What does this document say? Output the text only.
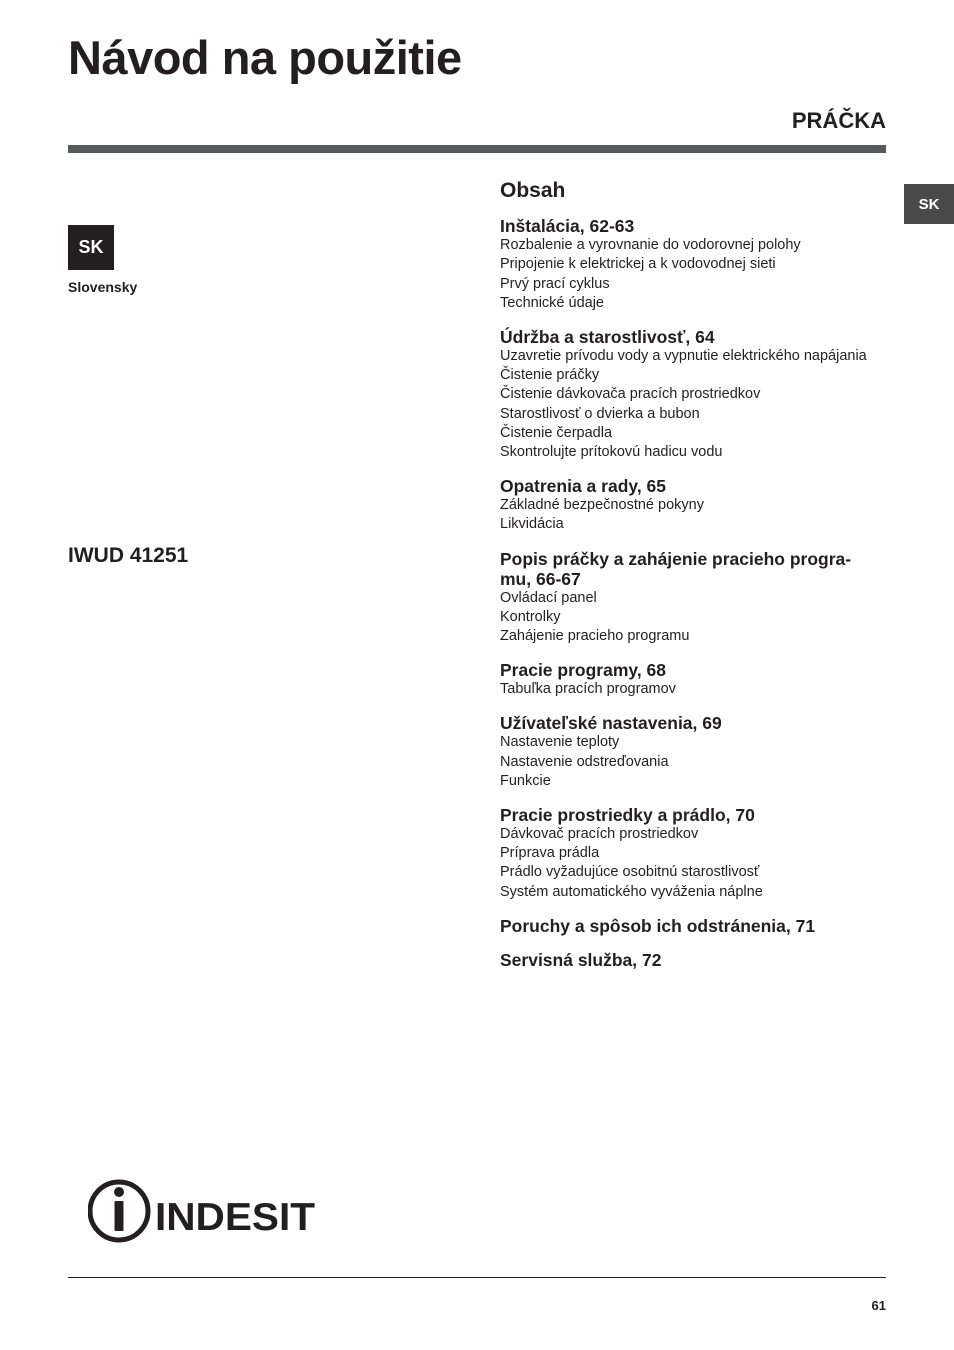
Návod na použitie
PRÁČKA
SK
Slovensky
SK
IWUD 41251
Obsah
Inštalácia, 62-63
Rozbalenie a vyrovnanie do vodorovnej polohy
Pripojenie k elektrickej a k vodovodnej sieti
Prvý prací cyklus
Technické údaje
Údržba a starostlivosť, 64
Uzavretie prívodu vody a vypnutie elektrického napájania
Čistenie práčky
Čistenie dávkovača pracích prostriedkov
Starostlivosť o dvierka a bubon
Čistenie čerpadla
Skontrolujte prítokovú hadicu vodu
Opatrenia a rady, 65
Základné bezpečnostné pokyny
Likvidácia
Popis práčky a zahájenie pracieho progra-
mu, 66-67
Ovládací panel
Kontrolky
Zahájenie pracieho programu
Pracie programy, 68
Tabuľka pracích programov
Užívateľské nastavenia, 69
Nastavenie teploty
Nastavenie odstreďovania
Funkcie
Pracie prostriedky a prádlo, 70
Dávkovač pracích prostriedkov
Príprava prádla
Prádlo vyžadujúce osobitnú starostlivosť
Systém automatického vyváženia náplne
Poruchy a spôsob ich odstránenia, 71
Servisná služba, 72
INDESIT
61
